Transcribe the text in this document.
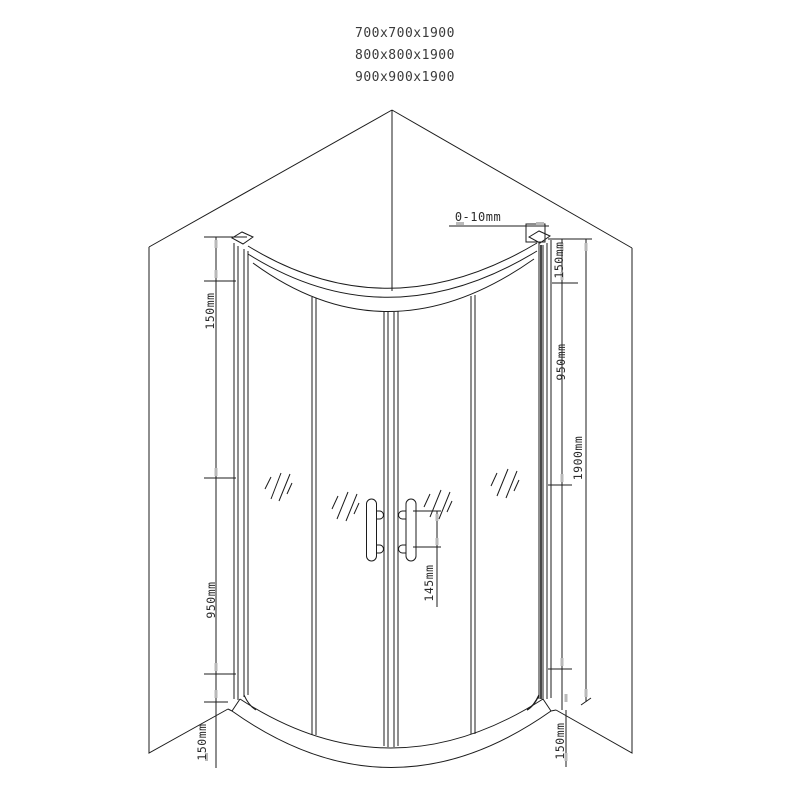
700x700x1900
800x800x1900
900x900x1900
0-10mm
150mm
950mm
150mm
150mm
950mm
1900mm
150mm
145mm
